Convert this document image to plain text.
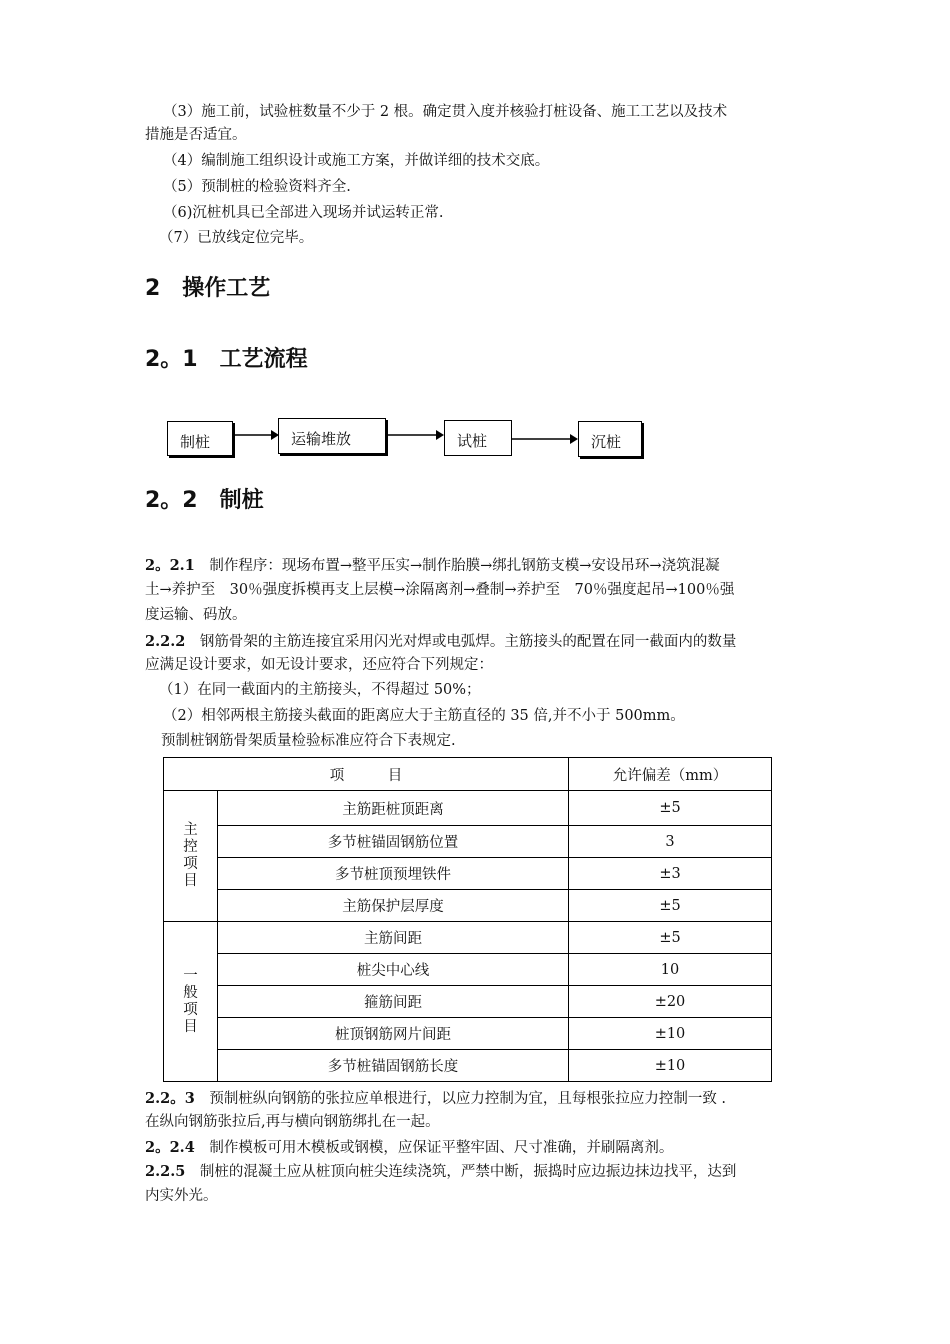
（3）施工前，试验桩数量不少于 2 根。确定贯入度并核验打桩设备、施工工艺以及技术
措施是否适宜。
（4）编制施工组织设计或施工方案，并做详细的技术交底。
（5）预制桩的检验资料齐全.
（6)沉桩机具已全部进入现场并试运转正常.
（7）已放线定位完毕。
2　操作工艺
2。1　工艺流程
制桩	运输堆放	试桩	沉桩
2。2　制桩
2。2.1　制作程序：现场布置→整平压实→制作胎膜→绑扎钢筋支模→安设吊环→浇筑混凝
土→养护至　30％强度拆模再支上层模→涂隔离剂→叠制→养护至　70％强度起吊→100％强
度运输、码放。
2.2.2　钢筋骨架的主筋连接宜采用闪光对焊或电弧焊。主筋接头的配置在同一截面内的数量
应满足设计要求，如无设计要求，还应符合下列规定：
（1）在同一截面内的主筋接头，不得超过 50%；
（2）相邻两根主筋接头截面的距离应大于主筋直径的 35 倍,并不小于 500mm。
预制桩钢筋骨架质量检验标准应符合下表规定.
项　　　目		允许偏差（mm）
主控项目	主筋距桩顶距离	±5
	多节桩锚固钢筋位置	3
	多节桩顶预埋铁件	±3
	主筋保护层厚度	±5
一般项目	主筋间距	±5
	桩尖中心线	10
	箍筋间距	±20
	桩顶钢筋网片间距	±10
	多节桩锚固钢筋长度	±10
2.2。3　预制桩纵向钢筋的张拉应单根进行，以应力控制为宜，且每根张拉应力控制一致 .
在纵向钢筋张拉后,再与横向钢筋绑扎在一起。
2。2.4　制作模板可用木模板或钢模，应保证平整牢固、尺寸准确，并刷隔离剂。
2.2.5　制桩的混凝土应从桩顶向桩尖连续浇筑，严禁中断，振捣时应边振边抹边找平，达到
内实外光。
